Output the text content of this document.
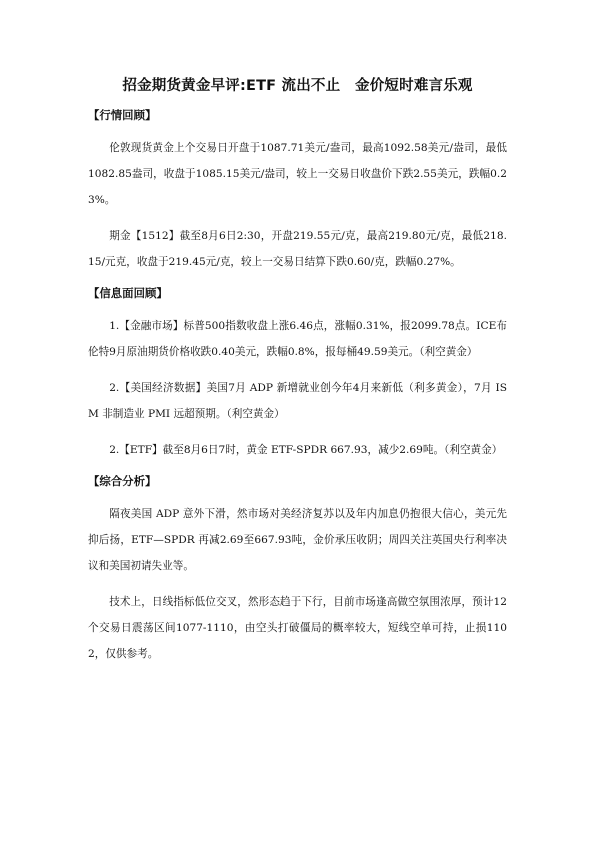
招金期货黄金早评:ETF 流出不止　金价短时难言乐观
【行情回顾】

伦敦现货黄金上个交易日开盘于1087.71美元/盎司，最高1092.58美元/盎司，最低1082.85盎司，收盘于1085.15美元/盎司，较上一交易日收盘价下跌2.55美元，跌幅0.23%。

期金【1512】截至8月6日2:30，开盘219.55元/克，最高219.80元/克，最低218.15/元克，收盘于219.45元/克，较上一交易日结算下跌0.60/克，跌幅0.27%。

【信息面回顾】

1.【金融市场】标普500指数收盘上涨6.46点，涨幅0.31%，报2099.78点。ICE布伦特9月原油期货价格收跌0.40美元，跌幅0.8%，报每桶49.59美元。（利空黄金）

2.【美国经济数据】美国7月 ADP 新增就业创今年4月来新低（利多黄金），7月 ISM 非制造业 PMI 远超预期。（利空黄金）

2.【ETF】截至8月6日7时，黄金 ETF-SPDR 667.93，减少2.69吨。（利空黄金）

【综合分析】

隔夜美国 ADP 意外下滑，然市场对美经济复苏以及年内加息仍抱很大信心，美元先抑后扬，ETF—SPDR 再减2.69至667.93吨，金价承压收阴；周四关注英国央行利率决议和美国初请失业等。

技术上，日线指标低位交叉，然形态趋于下行，目前市场逢高做空氛围浓厚，预计12个交易日震荡区间1077-1110，由空头打破僵局的概率较大，短线空单可持，止损1102，仅供参考。
